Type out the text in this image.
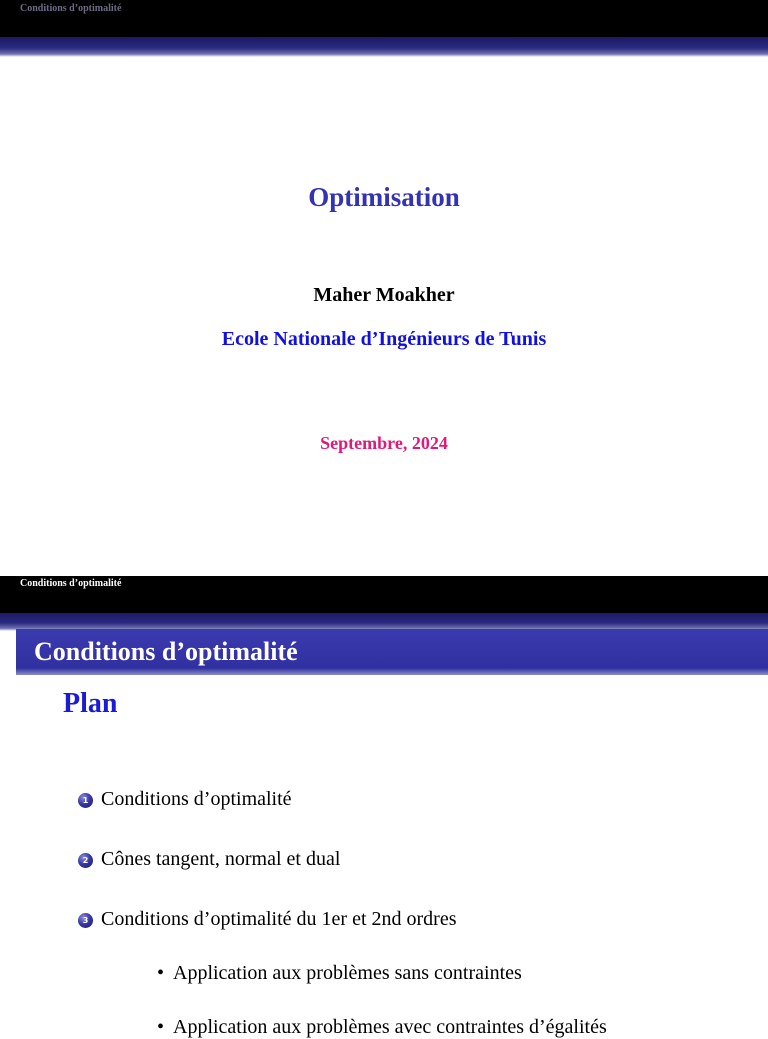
Conditions d’optimalité
Optimisation
Maher Moakher
Ecole Nationale d’Ingénieurs de Tunis
Septembre, 2024
Conditions d’optimalité
Conditions d’optimalité
Plan
1 Conditions d’optimalité
2 Cônes tangent, normal et dual
3 Conditions d’optimalité du 1er et 2nd ordres
• Application aux problèmes sans contraintes
• Application aux problèmes avec contraintes d’égalités
